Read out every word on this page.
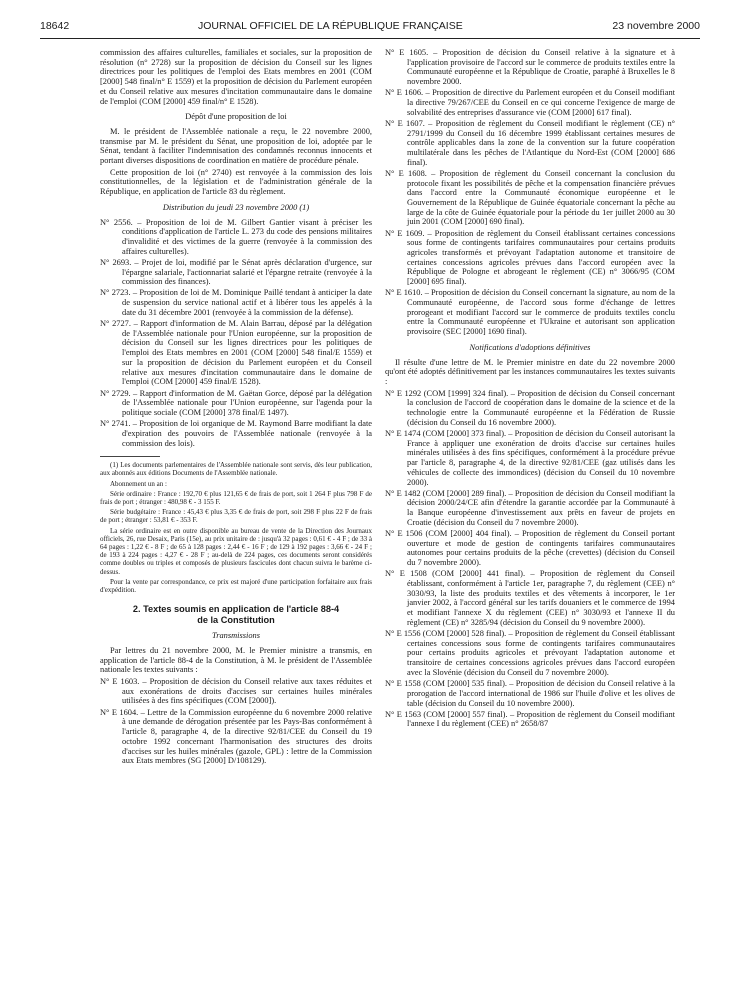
18642	JOURNAL OFFICIEL DE LA RÉPUBLIQUE FRANÇAISE	23 novembre 2000

commission des affaires culturelles, familiales et sociales, sur la proposition de résolution (n° 2728) sur la proposition de décision du Conseil sur les lignes directrices pour les politiques de l'emploi des Etats membres en 2001 (COM [2000] 548 final/n° E 1559) et la proposition de décision du Parlement européen et du Conseil relative aux mesures d'incitation communautaire dans le domaine de l'emploi (COM [2000] 459 final/n° E 1528).

Dépôt d'une proposition de loi

M. le président de l'Assemblée nationale a reçu, le 22 novembre 2000, transmise par M. le président du Sénat, une proposition de loi, adoptée par le Sénat, tendant à faciliter l'indemnisation des condamnés reconnus innocents et portant diverses dispositions de coordination en matière de procédure pénale.

Cette proposition de loi (n° 2740) est renvoyée à la commission des lois constitutionnelles, de la législation et de l'administration générale de la République, en application de l'article 83 du règlement.

Distribution du jeudi 23 novembre 2000 (1)

N° 2556. – Proposition de loi de M. Gilbert Gantier visant à préciser les conditions d'application de l'article L. 273 du code des pensions militaires d'invalidité et des victimes de la guerre (renvoyée à la commission des affaires culturelles).

N° 2693. – Projet de loi, modifié par le Sénat après déclaration d'urgence, sur l'épargne salariale, l'actionnariat salarié et l'épargne retraite (renvoyée à la commission des finances).

N° 2723. – Proposition de loi de M. Dominique Paillé tendant à anticiper la date de suspension du service national actif et à libérer tous les appelés à la date du 31 décembre 2001 (renvoyée à la commission de la défense).

N° 2727. – Rapport d'information de M. Alain Barrau, déposé par la délégation de l'Assemblée nationale pour l'Union européenne, sur la proposition de décision du Conseil sur les lignes directrices pour les politiques de l'emploi des Etats membres en 2001 (COM [2000] 548 final/E 1559) et sur la proposition de décision du Parlement européen et du Conseil relative aux mesures d'incitation communautaire dans le domaine de l'emploi (COM [2000] 459 final/E 1528).

N° 2729. – Rapport d'information de M. Gaëtan Gorce, déposé par la délégation de l'Assemblée nationale pour l'Union européenne, sur l'agenda pour la politique sociale (COM [2000] 378 final/E 1497).

N° 2741. – Proposition de loi organique de M. Raymond Barre modifiant la date d'expiration des pouvoirs de l'Assemblée nationale (renvoyée à la commission des lois).

(1) Les documents parlementaires de l'Assemblée nationale sont servis, dès leur publication, aux abonnés aux éditions Documents de l'Assemblée nationale.

Abonnement un an :

Série ordinaire : France : 192,70 € plus 121,65 € de frais de port, soit 1 264 F plus 798 F de frais de port ; étranger : 480,98 € - 3 155 F.

Série budgétaire : France : 45,43 € plus 3,35 € de frais de port, soit 298 F plus 22 F de frais de port ; étranger : 53,81 € - 353 F.

La série ordinaire est en outre disponible au bureau de vente de la Direction des Journaux officiels, 26, rue Desaix, Paris (15e), au prix unitaire de : jusqu'à 32 pages : 0,61 € - 4 F ; de 33 à 64 pages : 1,22 € - 8 F ; de 65 à 128 pages : 2,44 € - 16 F ; de 129 à 192 pages : 3,66 € - 24 F ; de 193 à 224 pages : 4,27 € - 28 F ; au-delà de 224 pages, ces documents seront considérés comme doubles ou triples et composés de plusieurs fascicules dont chacun suivra le barème ci-dessus.

Pour la vente par correspondance, ce prix est majoré d'une participation forfaitaire aux frais d'expédition.

2. Textes soumis en application de l'article 88-4
de la Constitution

Transmissions

Par lettres du 21 novembre 2000, M. le Premier ministre a transmis, en application de l'article 88-4 de la Constitution, à M. le président de l'Assemblée nationale les textes suivants :

N° E 1603. – Proposition de décision du Conseil relative aux taxes réduites et aux exonérations de droits d'accises sur certaines huiles minérales utilisées à des fins spécifiques (COM [2000]).

N° E 1604. – Lettre de la Commission européenne du 6 novembre 2000 relative à une demande de dérogation présentée par les Pays-Bas conformément à l'article 8, paragraphe 4, de la directive 92/81/CEE du Conseil du 19 octobre 1992 concernant l'harmonisation des structures des droits d'accises sur les huiles minérales (gazole, GPL) : lettre de la Commission aux Etats membres (SG [2000] D/108129).

N° E 1605. – Proposition de décision du Conseil relative à la signature et à l'application provisoire de l'accord sur le commerce de produits textiles entre la Communauté européenne et la République de Croatie, paraphé à Bruxelles le 8 novembre 2000.

N° E 1606. – Proposition de directive du Parlement européen et du Conseil modifiant la directive 79/267/CEE du Conseil en ce qui concerne l'exigence de marge de solvabilité des entreprises d'assurance vie (COM [2000] 617 final).

N° E 1607. – Proposition de règlement du Conseil modifiant le règlement (CE) n° 2791/1999 du Conseil du 16 décembre 1999 établissant certaines mesures de contrôle applicables dans la zone de la convention sur la future coopération multilatérale dans les pêches de l'Atlantique du Nord-Est (COM [2000] 686 final).

N° E 1608. – Proposition de règlement du Conseil concernant la conclusion du protocole fixant les possibilités de pêche et la compensation financière prévues dans l'accord entre la Communauté économique européenne et le Gouvernement de la République de Guinée équatoriale concernant la pêche au large de la côte de Guinée équatoriale pour la période du 1er juillet 2000 au 30 juin 2001 (COM [2000] 690 final).

N° E 1609. – Proposition de règlement du Conseil établissant certaines concessions sous forme de contingents tarifaires communautaires pour certains produits agricoles transformés et prévoyant l'adaptation autonome et transitoire de certaines concessions agricoles prévues dans l'accord européen avec la République de Pologne et abrogeant le règlement (CE) n° 3066/95 (COM [2000] 695 final).

N° E 1610. – Proposition de décision du Conseil concernant la signature, au nom de la Communauté européenne, de l'accord sous forme d'échange de lettres prorogeant et modifiant l'accord sur le commerce de produits textiles conclu entre la Communauté européenne et l'Ukraine et autorisant son application provisoire (SEC [2000] 1690 final).

Notifications d'adoptions définitives

Il résulte d'une lettre de M. le Premier ministre en date du 22 novembre 2000 qu'ont été adoptés définitivement par les instances communautaires les textes suivants :

N° E 1292 (COM [1999] 324 final). – Proposition de décision du Conseil concernant la conclusion de l'accord de coopération dans le domaine de la science et de la technologie entre la Communauté européenne et la Fédération de Russie (décision du Conseil du 16 novembre 2000).

N° E 1474 (COM [2000] 373 final). – Proposition de décision du Conseil autorisant la France à appliquer une exonération de droits d'accise sur certaines huiles minérales utilisées à des fins spécifiques, conformément à la procédure prévue par l'article 8, paragraphe 4, de la directive 92/81/CEE (gaz utilisés dans les véhicules de collecte des immondices) (décision du Conseil du 10 novembre 2000).

N° E 1482 (COM [2000] 289 final). – Proposition de décision du Conseil modifiant la décision 2000/24/CE afin d'étendre la garantie accordée par la Communauté à la Banque européenne d'investissement aux prêts en faveur de projets en Croatie (décision du Conseil du 7 novembre 2000).

N° E 1506 (COM [2000] 404 final). – Proposition de règlement du Conseil portant ouverture et mode de gestion de contingents tarifaires communautaires autonomes pour certains produits de la pêche (crevettes) (décision du Conseil du 7 novembre 2000).

N° E 1508 (COM [2000] 441 final). – Proposition de règlement du Conseil établissant, conformément à l'article 1er, paragraphe 7, du règlement (CEE) n° 3030/93, la liste des produits textiles et des vêtements à incorporer, le 1er janvier 2002, à l'accord général sur les tarifs douaniers et le commerce de 1994 et modifiant l'annexe X du règlement (CEE) n° 3030/93 et l'annexe II du règlement (CE) n° 3285/94 (décision du Conseil du 9 novembre 2000).

N° E 1556 (COM [2000] 528 final). – Proposition de règlement du Conseil établissant certaines concessions sous forme de contingents tarifaires communautaires pour certains produits agricoles et prévoyant l'adaptation autonome et transitoire de certaines concessions agricoles prévues dans l'accord européen avec la Slovénie (décision du Conseil du 7 novembre 2000).

N° E 1558 (COM [2000] 535 final). – Proposition de décision du Conseil relative à la prorogation de l'accord international de 1986 sur l'huile d'olive et les olives de table (décision du Conseil du 10 novembre 2000).

N° E 1563 (COM [2000] 557 final). – Proposition de règlement du Conseil modifiant l'annexe I du règlement (CEE) n° 2658/87
